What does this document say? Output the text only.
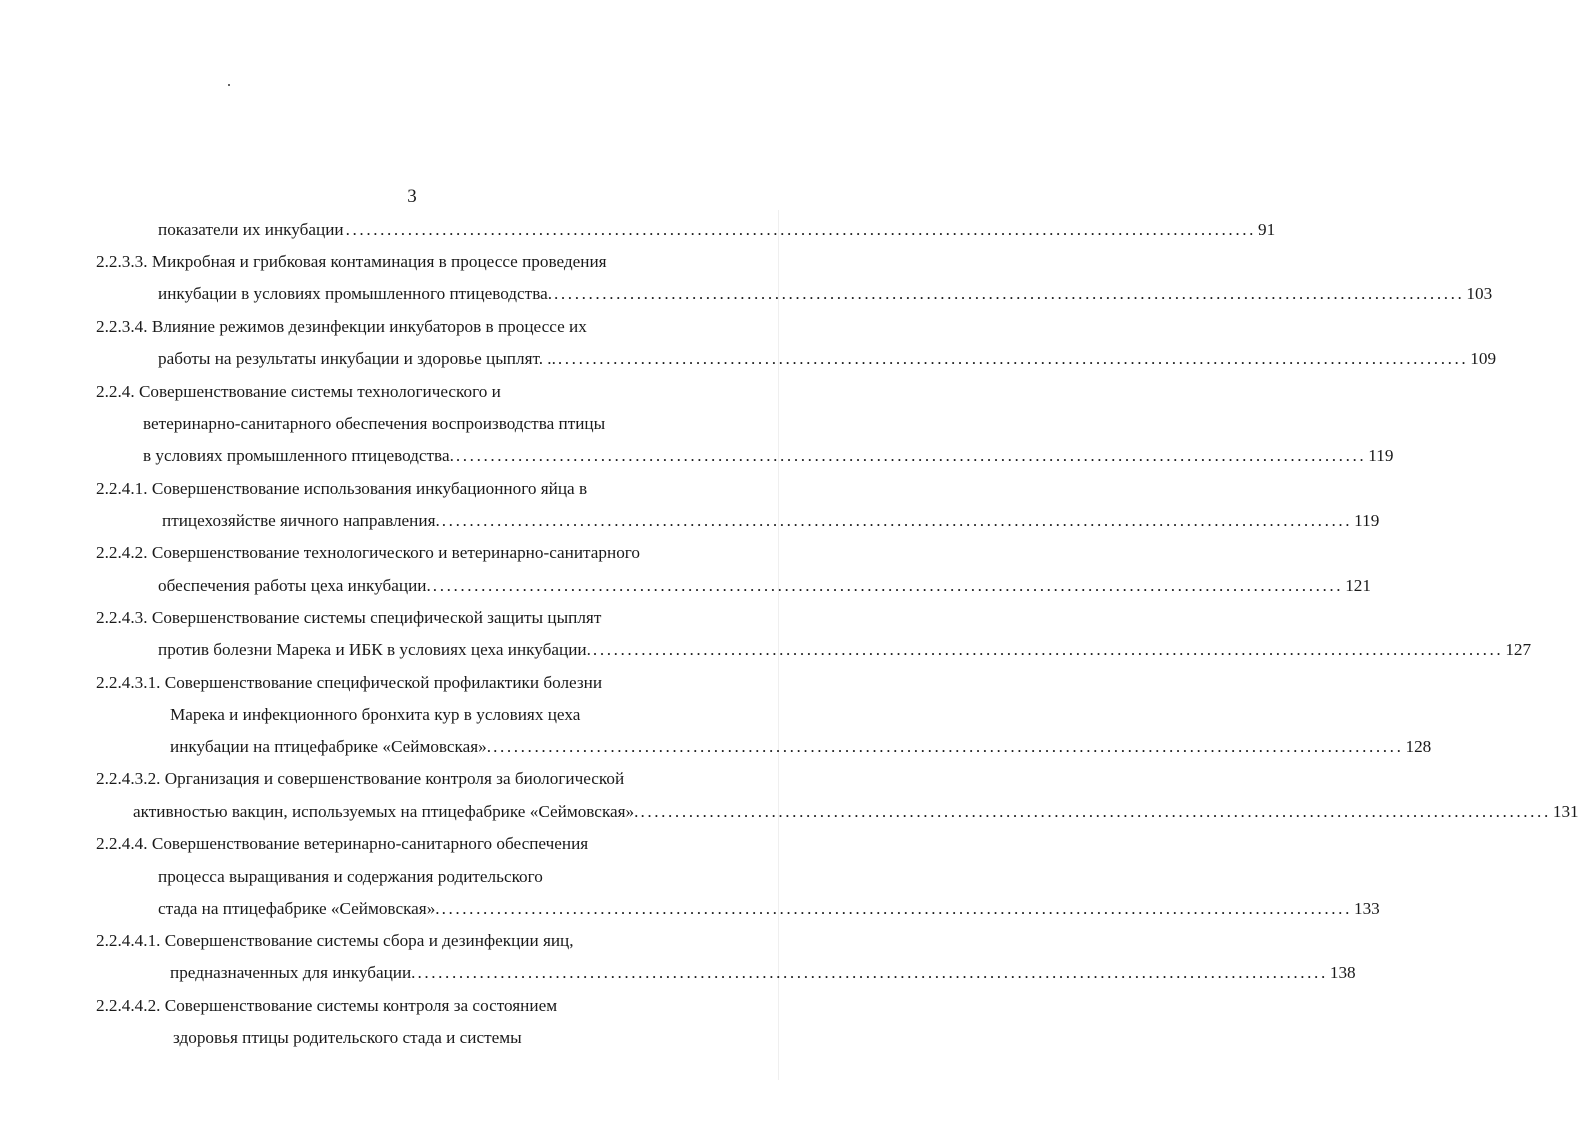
3
показатели их инкубации .................................................................................................................................... 91
2.2.3.3. Микробная и грибковая контаминация в процессе проведения
инкубации в условиях промышленного птицеводства. .................................................................................................................................... 103
2.2.3.4. Влияние режимов дезинфекции инкубаторов в процессе их
работы на результаты инкубации и здоровье цыплят. .. .................................................................................................................................... 109
2.2.4. Совершенствование системы технологического и
ветеринарно-санитарного обеспечения воспроизводства птицы
в условиях промышленного птицеводства. .................................................................................................................................... 119
2.2.4.1. Совершенствование использования инкубационного яйца в
птицехозяйстве яичного направления. .................................................................................................................................... 119
2.2.4.2. Совершенствование технологического и ветеринарно-санитарного
обеспечения работы цеха инкубации. .................................................................................................................................... 121
2.2.4.3. Совершенствование системы специфической защиты цыплят
против болезни Марека и ИБК в условиях цеха инкубации. .................................................................................................................................... 127
2.2.4.3.1. Совершенствование специфической профилактики болезни
Марека и инфекционного бронхита кур в условиях цеха
инкубации на птицефабрике «Сеймовская». .................................................................................................................................... 128
2.2.4.3.2. Организация и совершенствование контроля за биологической
активностью вакцин, используемых на птицефабрике «Сеймовская». .................................................................................................................................... 131
2.2.4.4. Совершенствование ветеринарно-санитарного обеспечения
процесса выращивания и содержания родительского
стада на птицефабрике «Сеймовская». .................................................................................................................................... 133
2.2.4.4.1. Совершенствование системы сбора и дезинфекции яиц,
предназначенных для инкубации. .................................................................................................................................... 138
2.2.4.4.2. Совершенствование системы контроля за состоянием
здоровья птицы родительского стада и системы
